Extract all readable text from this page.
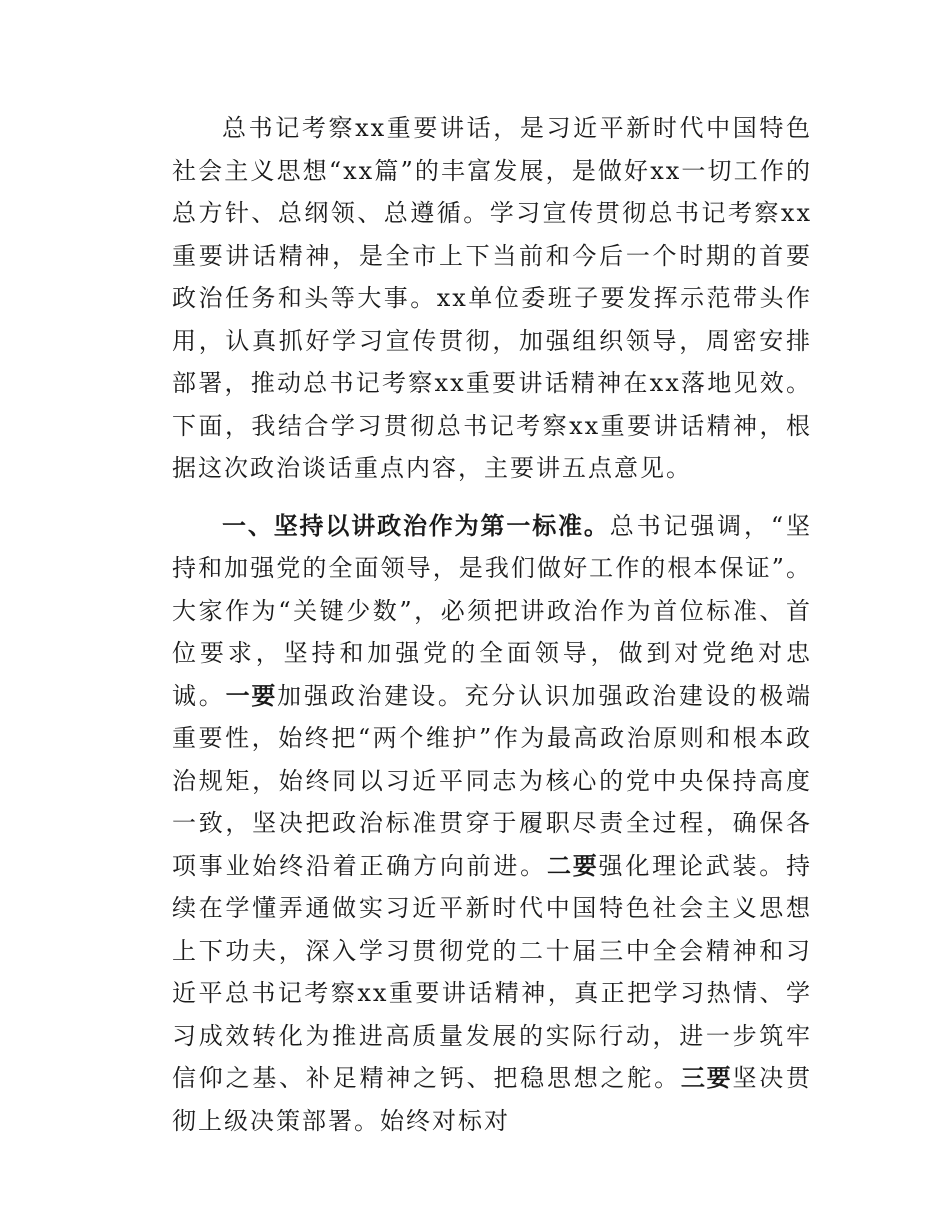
总书记考察xx重要讲话，是习近平新时代中国特色社会主义思想“xx篇”的丰富发展，是做好xx一切工作的总方针、总纲领、总遵循。学习宣传贯彻总书记考察xx重要讲话精神，是全市上下当前和今后一个时期的首要政治任务和头等大事。xx单位委班子要发挥示范带头作用，认真抓好学习宣传贯彻，加强组织领导，周密安排部署，推动总书记考察xx重要讲话精神在xx落地见效。下面，我结合学习贯彻总书记考察xx重要讲话精神，根据这次政治谈话重点内容，主要讲五点意见。

一、坚持以讲政治作为第一标准。总书记强调，“坚持和加强党的全面领导，是我们做好工作的根本保证”。大家作为“关键少数”，必须把讲政治作为首位标准、首位要求，坚持和加强党的全面领导，做到对党绝对忠诚。一要加强政治建设。充分认识加强政治建设的极端重要性，始终把“两个维护”作为最高政治原则和根本政治规矩，始终同以习近平同志为核心的党中央保持高度一致，坚决把政治标准贯穿于履职尽责全过程，确保各项事业始终沿着正确方向前进。二要强化理论武装。持续在学懂弄通做实习近平新时代中国特色社会主义思想上下功夫，深入学习贯彻党的二十届三中全会精神和习近平总书记考察xx重要讲话精神，真正把学习热情、学习成效转化为推进高质量发展的实际行动，进一步筑牢信仰之基、补足精神之钙、把稳思想之舵。三要坚决贯彻上级决策部署。始终对标对
